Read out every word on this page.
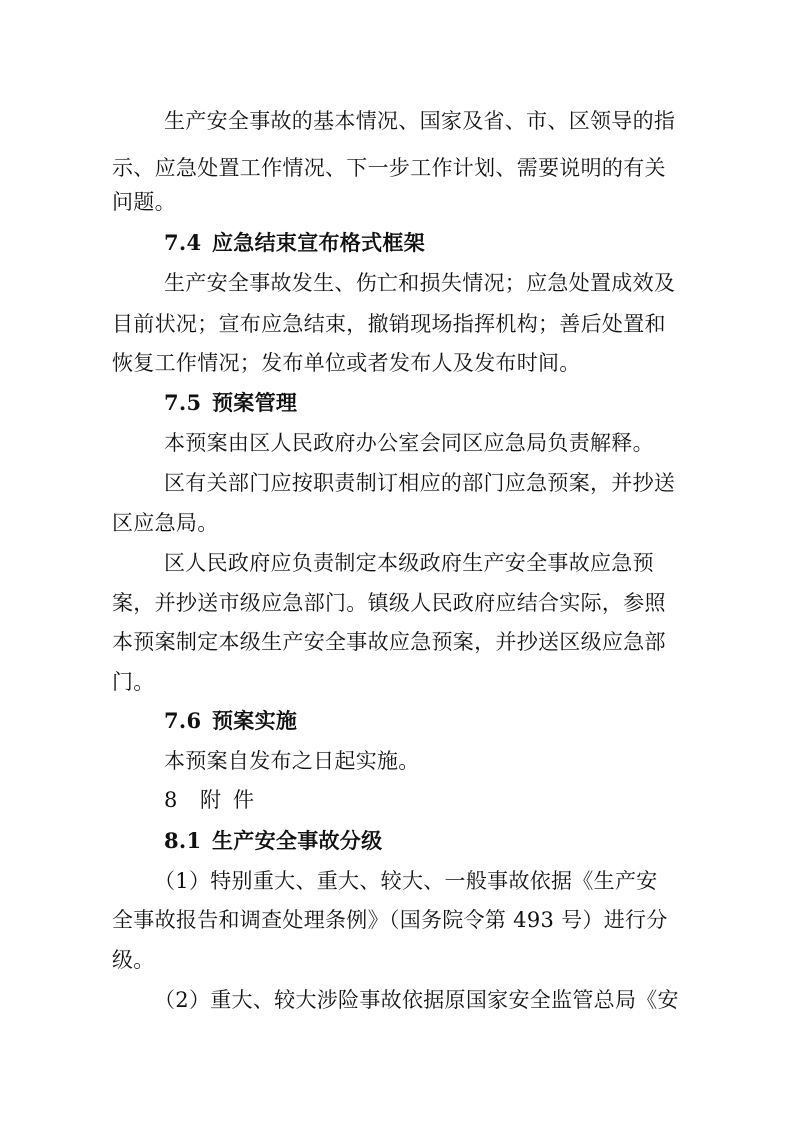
生产安全事故的基本情况、国家及省、市、区领导的指
示、应急处置工作情况、下一步工作计划、需要说明的有关
问题。
7.4 应急结束宣布格式框架
生产安全事故发生、伤亡和损失情况；应急处置成效及
目前状况；宣布应急结束，撤销现场指挥机构；善后处置和
恢复工作情况；发布单位或者发布人及发布时间。
7.5 预案管理
本预案由区人民政府办公室会同区应急局负责解释。
区有关部门应按职责制订相应的部门应急预案，并抄送
区应急局。
区人民政府应负责制定本级政府生产安全事故应急预
案，并抄送市级应急部门。镇级人民政府应结合实际，参照
本预案制定本级生产安全事故应急预案，并抄送区级应急部
门。
7.6 预案实施
本预案自发布之日起实施。
8 附件
8.1 生产安全事故分级
（1）特别重大、重大、较大、一般事故依据《生产安
全事故报告和调查处理条例》（国务院令第 493 号）进行分
级。
（2）重大、较大涉险事故依据原国家安全监管总局《安
